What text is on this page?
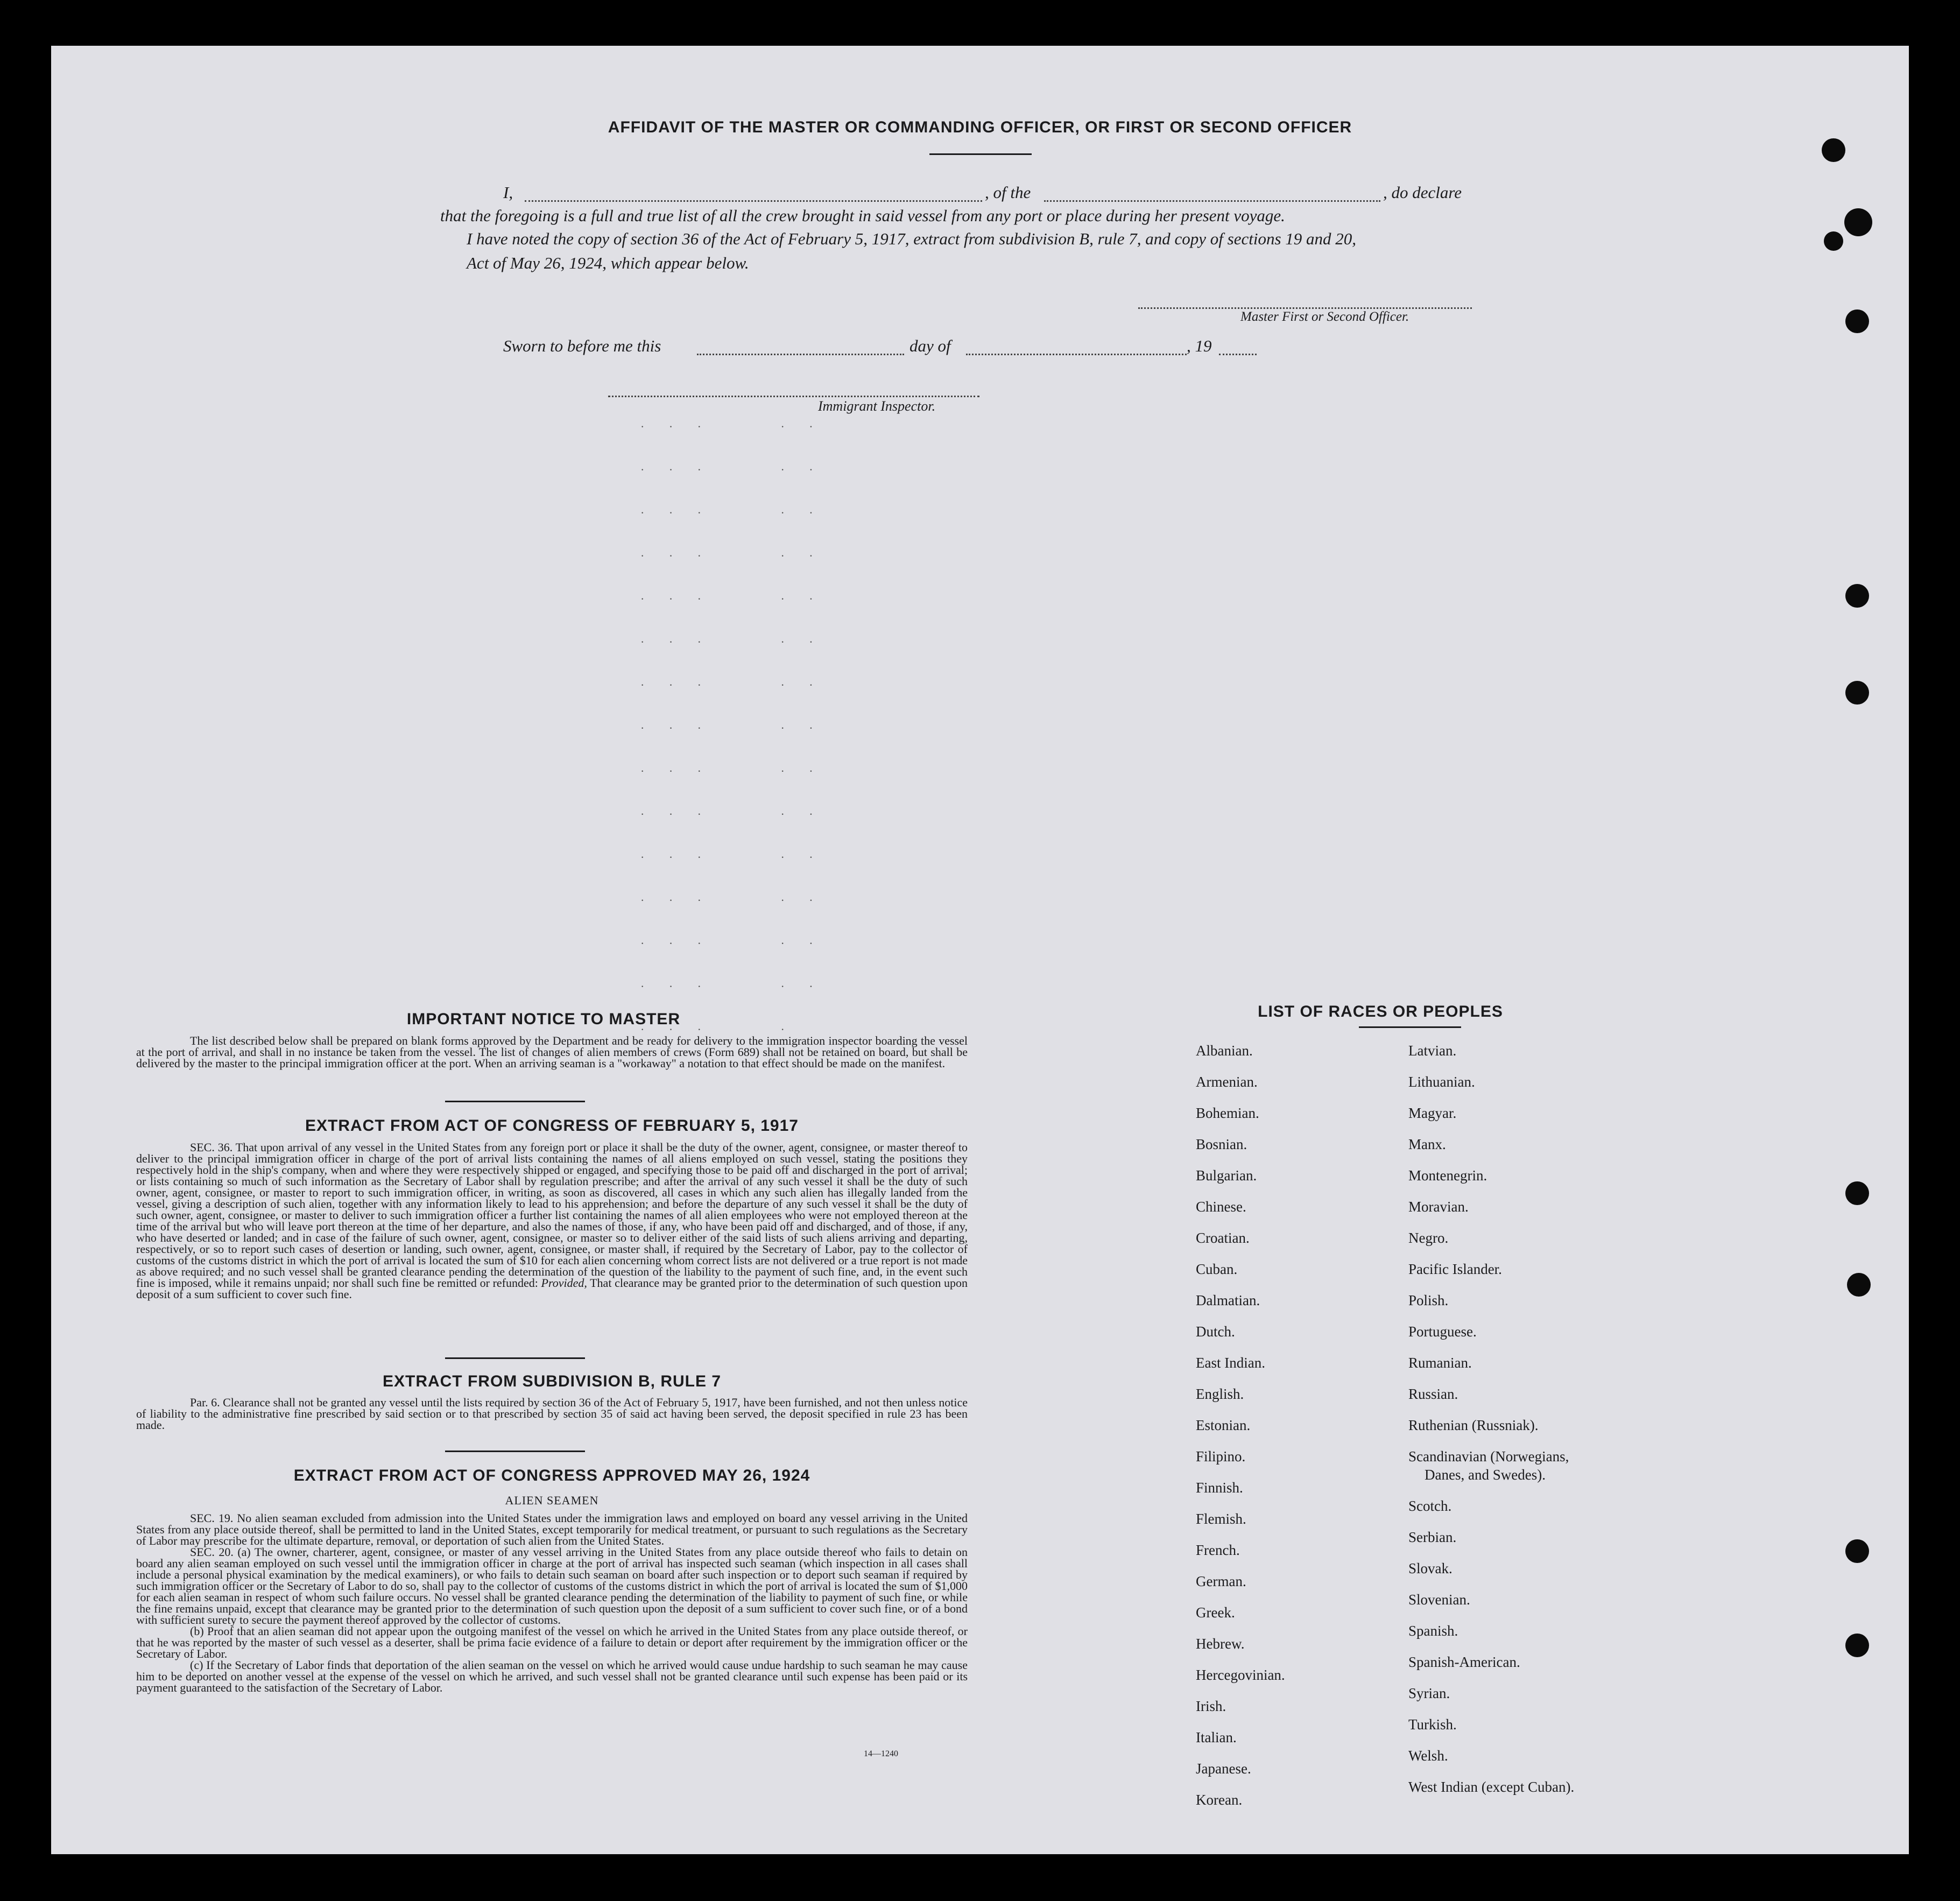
AFFIDAVIT OF THE MASTER OR COMMANDING OFFICER, OR FIRST OR SECOND OFFICER
I,	, of the	, do declare
that the foregoing is a full and true list of all the crew brought in said vessel from any port or place during her present voyage.
I have noted the copy of section 36 of the Act of February 5, 1917, extract from subdivision B, rule 7, and copy of sections 19 and 20,
Act of May 26, 1924, which appear below.
Master First or Second Officer.
Sworn to before me this	day of	, 19
Immigrant Inspector.
· · ·     · ·
· · ·     · ·
· · ·     · ·
· · ·     · ·
· · ·     · ·
· · ·     · ·
· · ·     · ·
· · ·     · ·
· · ·     · ·
· · ·     · ·
· · ·     · ·
· · ·     · ·
· · ·     · ·
· · ·     · ·
· · ·     ·
IMPORTANT NOTICE TO MASTER
The list described below shall be prepared on blank forms approved by the Department and be ready for delivery to the immigration inspector boarding the vessel at the port of arrival, and shall in no instance be taken from the vessel. The list of changes of alien members of crews (Form 689) shall not be retained on board, but shall be delivered by the master to the principal immigration officer at the port. When an arriving seaman is a "workaway" a notation to that effect should be made on the manifest.
EXTRACT FROM ACT OF CONGRESS OF FEBRUARY 5, 1917
SEC. 36. That upon arrival of any vessel in the United States from any foreign port or place it shall be the duty of the owner, agent, consignee, or master thereof to deliver to the principal immigration officer in charge of the port of arrival lists containing the names of all aliens employed on such vessel, stating the positions they respectively hold in the ship's company, when and where they were respectively shipped or engaged, and specifying those to be paid off and discharged in the port of arrival; or lists containing so much of such information as the Secretary of Labor shall by regulation prescribe; and after the arrival of any such vessel it shall be the duty of such owner, agent, consignee, or master to report to such immigration officer, in writing, as soon as discovered, all cases in which any such alien has illegally landed from the vessel, giving a description of such alien, together with any information likely to lead to his apprehension; and before the departure of any such vessel it shall be the duty of such owner, agent, consignee, or master to deliver to such immigration officer a further list containing the names of all alien employees who were not employed thereon at the time of the arrival but who will leave port thereon at the time of her departure, and also the names of those, if any, who have been paid off and discharged, and of those, if any, who have deserted or landed; and in case of the failure of such owner, agent, consignee, or master so to deliver either of the said lists of such aliens arriving and departing, respectively, or so to report such cases of desertion or landing, such owner, agent, consignee, or master shall, if required by the Secretary of Labor, pay to the collector of customs of the customs district in which the port of arrival is located the sum of $10 for each alien concerning whom correct lists are not delivered or a true report is not made as above required; and no such vessel shall be granted clearance pending the determination of the question of the liability to the payment of such fine, and, in the event such fine is imposed, while it remains unpaid; nor shall such fine be remitted or refunded: Provided, That clearance may be granted prior to the determination of such question upon deposit of a sum sufficient to cover such fine.
EXTRACT FROM SUBDIVISION B, RULE 7
Par. 6. Clearance shall not be granted any vessel until the lists required by section 36 of the Act of February 5, 1917, have been furnished, and not then unless notice of liability to the administrative fine prescribed by said section or to that prescribed by section 35 of said act having been served, the deposit specified in rule 23 has been made.
EXTRACT FROM ACT OF CONGRESS APPROVED MAY 26, 1924
ALIEN SEAMEN
SEC. 19. No alien seaman excluded from admission into the United States under the immigration laws and employed on board any vessel arriving in the United States from any place outside thereof, shall be permitted to land in the United States, except temporarily for medical treatment, or pursuant to such regulations as the Secretary of Labor may prescribe for the ultimate departure, removal, or deportation of such alien from the United States.
SEC. 20. (a) The owner, charterer, agent, consignee, or master of any vessel arriving in the United States from any place outside thereof who fails to detain on board any alien seaman employed on such vessel until the immigration officer in charge at the port of arrival has inspected such seaman (which inspection in all cases shall include a personal physical examination by the medical examiners), or who fails to detain such seaman on board after such inspection or to deport such seaman if required by such immigration officer or the Secretary of Labor to do so, shall pay to the collector of customs of the customs district in which the port of arrival is located the sum of $1,000 for each alien seaman in respect of whom such failure occurs. No vessel shall be granted clearance pending the determination of the liability to payment of such fine, or while the fine remains unpaid, except that clearance may be granted prior to the determination of such question upon the deposit of a sum sufficient to cover such fine, or of a bond with sufficient surety to secure the payment thereof approved by the collector of customs.
(b) Proof that an alien seaman did not appear upon the outgoing manifest of the vessel on which he arrived in the United States from any place outside thereof, or that he was reported by the master of such vessel as a deserter, shall be prima facie evidence of a failure to detain or deport after requirement by the immigration officer or the Secretary of Labor.
(c) If the Secretary of Labor finds that deportation of the alien seaman on the vessel on which he arrived would cause undue hardship to such seaman he may cause him to be deported on another vessel at the expense of the vessel on which he arrived, and such vessel shall not be granted clearance until such expense has been paid or its payment guaranteed to the satisfaction of the Secretary of Labor.
14—1240
LIST OF RACES OR PEOPLES
Albanian.
Armenian.
Bohemian.
Bosnian.
Bulgarian.
Chinese.
Croatian.
Cuban.
Dalmatian.
Dutch.
East Indian.
English.
Estonian.
Filipino.
Finnish.
Flemish.
French.
German.
Greek.
Hebrew.
Hercegovinian.
Irish.
Italian.
Japanese.
Korean.
Latvian.
Lithuanian.
Magyar.
Manx.
Montenegrin.
Moravian.
Negro.
Pacific Islander.
Polish.
Portuguese.
Rumanian.
Russian.
Ruthenian (Russniak).
Scandinavian (Norwegians,
Danes, and Swedes).
Scotch.
Serbian.
Slovak.
Slovenian.
Spanish.
Spanish-American.
Syrian.
Turkish.
Welsh.
West Indian (except Cuban).
